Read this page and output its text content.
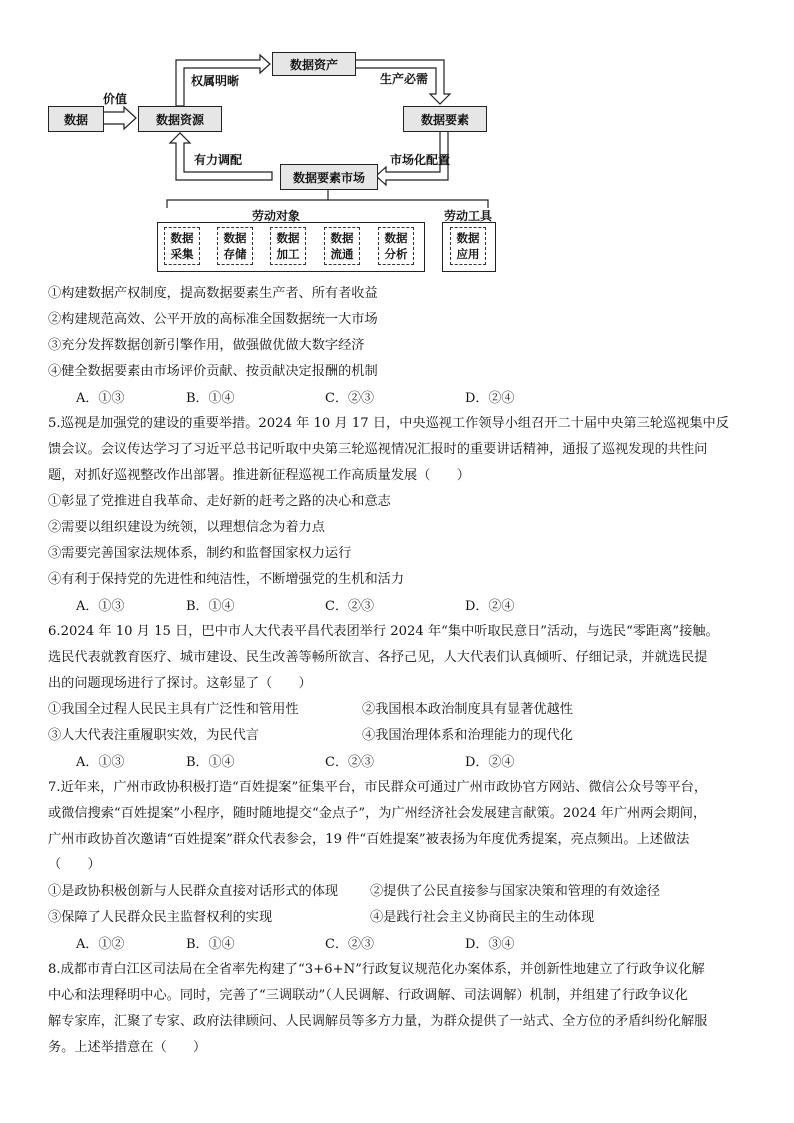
数据	数据资源
数据资产
数据要素
数据要素市场
价值
权属明晰	生产必需
市场化配置
有力调配
劳动对象	劳动工具
数据
采集
数据
存储
数据
加工
数据
流通
数据
分析
数据
应用
①构建数据产权制度，提高数据要素生产者、所有者收益
②构建规范高效、公平开放的高标准全国数据统一大市场
③充分发挥数据创新引擎作用，做强做优做大数字经济
④健全数据要素由市场评价贡献、按贡献决定报酬的机制
A．①③	B．①④	C．②③	D．②④
5.巡视是加强党的建设的重要举措。2024 年 10 月 17 日，中央巡视工作领导小组召开二十届中央第三轮巡视集中反
馈会议。会议传达学习了习近平总书记听取中央第三轮巡视情况汇报时的重要讲话精神，通报了巡视发现的共性问
题，对抓好巡视整改作出部署。推进新征程巡视工作高质量发展（　　）
①彰显了党推进自我革命、走好新的赶考之路的决心和意志
②需要以组织建设为统领，以理想信念为着力点
③需要完善国家法规体系，制约和监督国家权力运行
④有利于保持党的先进性和纯洁性，不断增强党的生机和活力
A．①③	B．①④	C．②③	D．②④
6.2024 年 10 月 15 日，巴中市人大代表平昌代表团举行 2024 年“集中听取民意日”活动，与选民“零距离”接触。
选民代表就教育医疗、城市建设、民生改善等畅所欲言、各抒己见，人大代表们认真倾听、仔细记录，并就选民提
出的问题现场进行了探讨。这彰显了（　　）
①我国全过程人民民主具有广泛性和管用性	②我国根本政治制度具有显著优越性
③人大代表注重履职实效，为民代言	④我国治理体系和治理能力的现代化
A．①③	B．①④	C．②③	D．②④
7.近年来，广州市政协积极打造“百姓提案”征集平台，市民群众可通过广州市政协官方网站、微信公众号等平台，
或微信搜索“百姓提案”小程序，随时随地提交“金点子”，为广州经济社会发展建言献策。2024 年广州两会期间，
广州市政协首次邀请“百姓提案”群众代表参会，19 件“百姓提案”被表扬为年度优秀提案，亮点频出。上述做法
（　　）
①是政协积极创新与人民群众直接对话形式的体现 ②提供了公民直接参与国家决策和管理的有效途径
③保障了人民群众民主监督权利的实现	④是践行社会主义协商民主的生动体现
A．①②	B．①④	C．②③	D．③④
8.成都市青白江区司法局在全省率先构建了“3+6+N”行政复议规范化办案体系，并创新性地建立了行政争议化解
中心和法理释明中心。同时，完善了“三调联动”（人民调解、行政调解、司法调解）机制，并组建了行政争议化
解专家库，汇聚了专家、政府法律顾问、人民调解员等多方力量，为群众提供了一站式、全方位的矛盾纠纷化解服
务。上述举措意在（　　）
